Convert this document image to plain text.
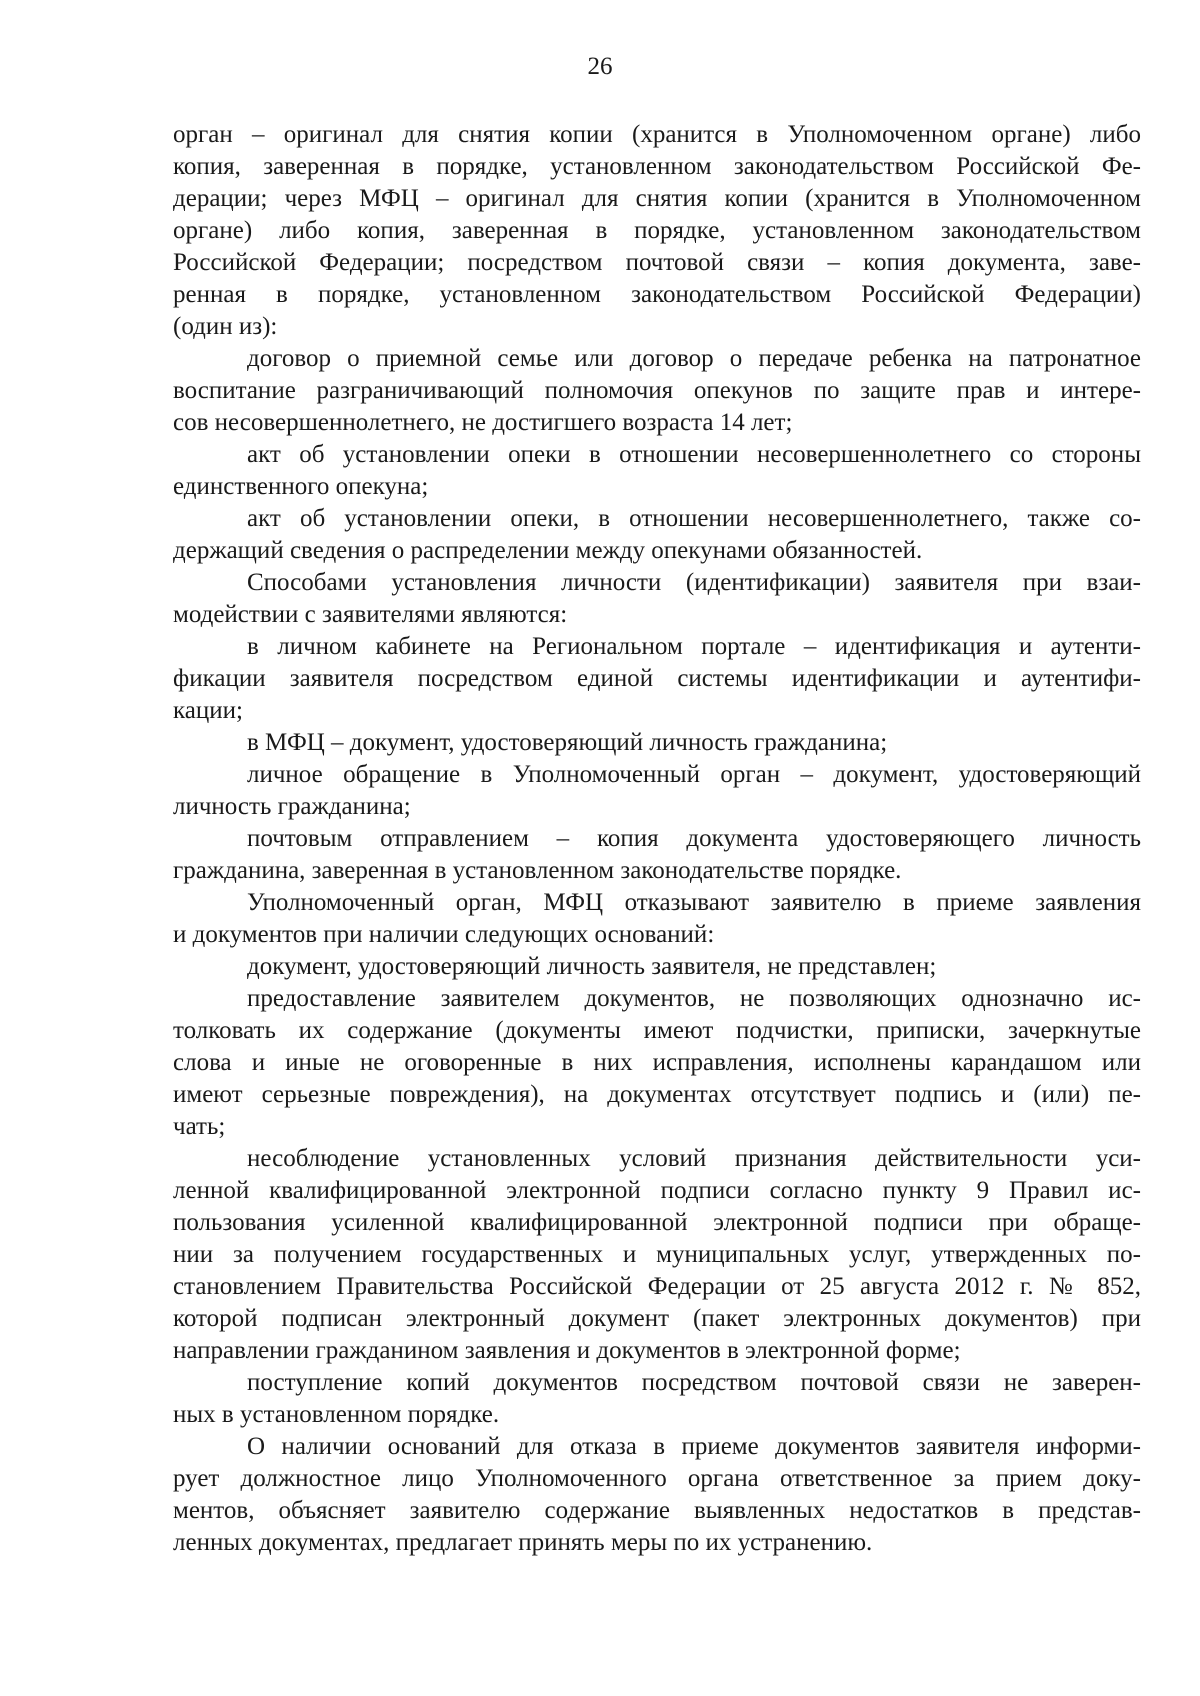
26
орган – оригинал для снятия копии (хранится в Уполномоченном органе) либо
копия, заверенная в порядке, установленном законодательством Российской Фе-
дерации; через МФЦ – оригинал для снятия копии (хранится в Уполномоченном
органе) либо копия, заверенная в порядке, установленном законодательством
Российской Федерации; посредством почтовой связи – копия документа, заве-
ренная в порядке, установленном законодательством Российской Федерации)
(один из):
договор о приемной семье или договор о передаче ребенка на патронатное
воспитание разграничивающий полномочия опекунов по защите прав и интере-
сов несовершеннолетнего, не достигшего возраста 14 лет;
акт об установлении опеки в отношении несовершеннолетнего со стороны
единственного опекуна;
акт об установлении опеки, в отношении несовершеннолетнего, также со-
держащий сведения о распределении между опекунами обязанностей.
Способами установления личности (идентификации) заявителя при взаи-
модействии с заявителями являются:
в личном кабинете на Региональном портале – идентификация и аутенти-
фикации заявителя посредством единой системы идентификации и аутентифи-
кации;
в МФЦ – документ, удостоверяющий личность гражданина;
личное обращение в Уполномоченный орган – документ, удостоверяющий
личность гражданина;
почтовым отправлением – копия документа удостоверяющего личность
гражданина, заверенная в установленном законодательстве порядке.
Уполномоченный орган, МФЦ отказывают заявителю в приеме заявления
и документов при наличии следующих оснований:
документ, удостоверяющий личность заявителя, не представлен;
предоставление заявителем документов, не позволяющих однозначно ис-
толковать их содержание (документы имеют подчистки, приписки, зачеркнутые
слова и иные не оговоренные в них исправления, исполнены карандашом или
имеют серьезные повреждения), на документах отсутствует подпись и (или) пе-
чать;
несоблюдение установленных условий признания действительности уси-
ленной квалифицированной электронной подписи согласно пункту 9 Правил ис-
пользования усиленной квалифицированной электронной подписи при обраще-
нии за получением государственных и муниципальных услуг, утвержденных по-
становлением Правительства Российской Федерации от 25 августа 2012 г. № 852,
которой подписан электронный документ (пакет электронных документов) при
направлении гражданином заявления и документов в электронной форме;
поступление копий документов посредством почтовой связи не заверен-
ных в установленном порядке.
О наличии оснований для отказа в приеме документов заявителя информи-
рует должностное лицо Уполномоченного органа ответственное за прием доку-
ментов, объясняет заявителю содержание выявленных недостатков в представ-
ленных документах, предлагает принять меры по их устранению.
